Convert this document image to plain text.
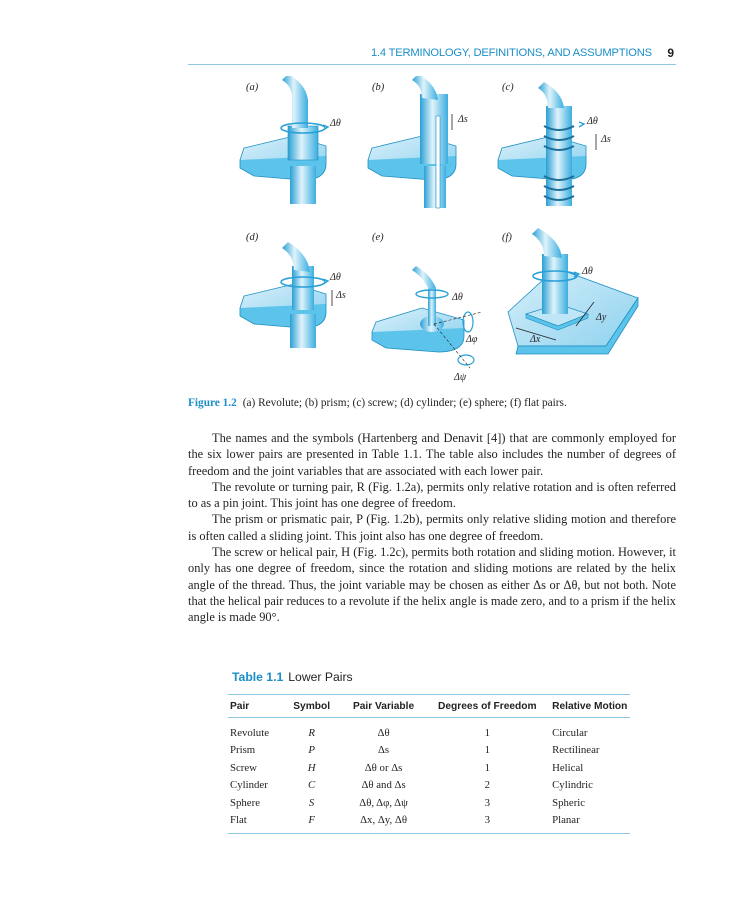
1.4 TERMINOLOGY, DEFINITIONS, AND ASSUMPTIONS 9
(a)	(b)	(c)
(d)	(e)	(f)
Δθ	Δs	Δθ
Δs
Δθ
Δs	Δθ
Δφ
Δψ
Δθ
Δy
Δx
Figure 1.2 (a) Revolute; (b) prism; (c) screw; (d) cylinder; (e) sphere; (f) flat pairs.

The names and the symbols (Hartenberg and Denavit [4]) that are commonly employed for the six lower pairs are presented in Table 1.1. The table also includes the number of degrees of freedom and the joint variables that are associated with each lower pair.

The revolute or turning pair, R (Fig. 1.2a), permits only relative rotation and is often referred to as a pin joint. This joint has one degree of freedom.

The prism or prismatic pair, P (Fig. 1.2b), permits only relative sliding motion and therefore is often called a sliding joint. This joint also has one degree of freedom.

The screw or helical pair, H (Fig. 1.2c), permits both rotation and sliding motion. However, it only has one degree of freedom, since the rotation and sliding motions are related by the helix angle of the thread. Thus, the joint variable may be chosen as either Δs or Δθ, but not both. Note that the helical pair reduces to a revolute if the helix angle is made zero, and to a prism if the helix angle is made 90°.

Table 1.1 Lower Pairs
Pair	Symbol	Pair Variable	Degrees of Freedom	Relative Motion
Revolute	R	Δθ	1	Circular
Prism	P	Δs	1	Rectilinear
Screw	H	Δθ or Δs	1	Helical
Cylinder	C	Δθ and Δs	2	Cylindric
Sphere	S	Δθ, Δφ, Δψ	3	Spheric
Flat	F	Δx, Δy, Δθ	3	Planar
